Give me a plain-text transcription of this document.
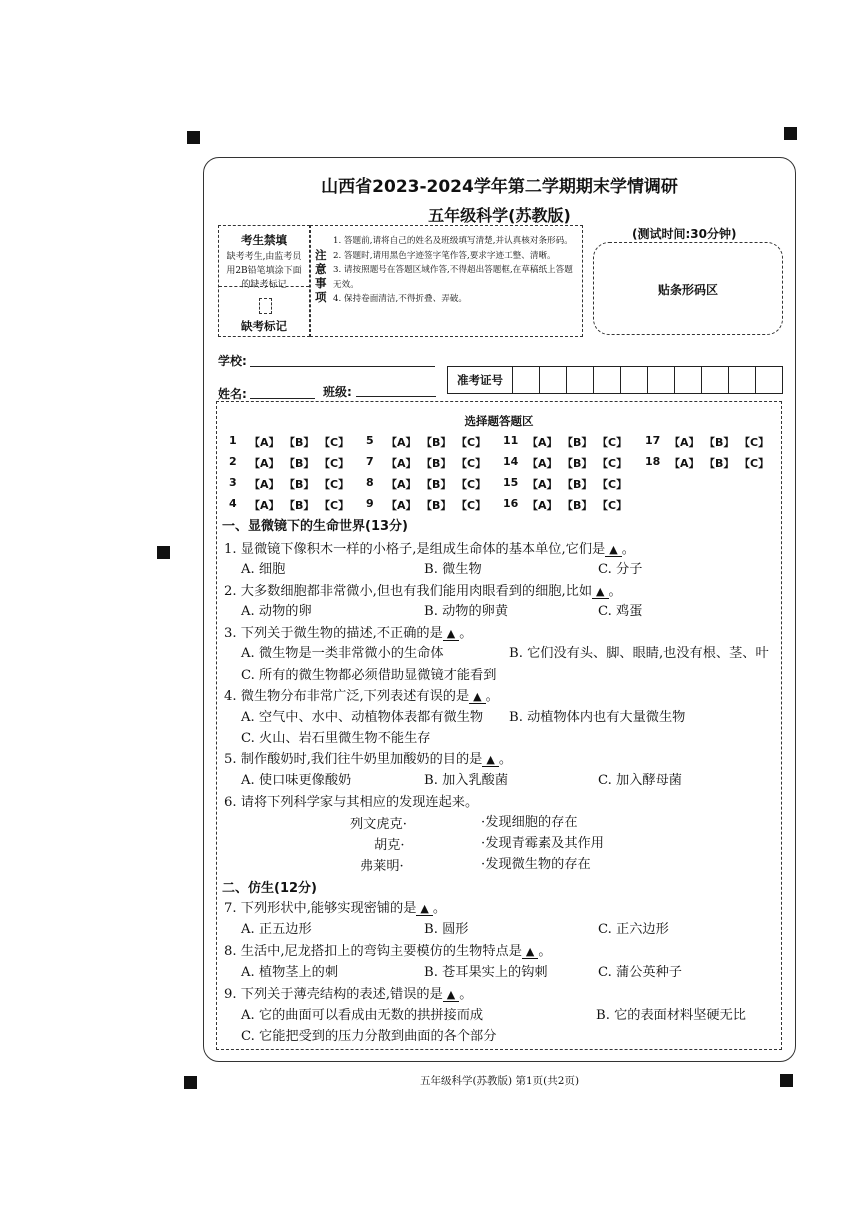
山西省2023-2024学年第二学期期末学情调研
五年级科学(苏教版)
(测试时间:30分钟)
考生禁填
缺考考生,由监考员用2B铅笔填涂下面的缺考标记
缺考标记
注意事项
1. 答题前,请将自己的姓名及班级填写清楚,并认真核对条形码。
2. 答题时,请用黑色字迹签字笔作答,要求字迹工整、清晰。
3. 请按照题号在答题区域作答,不得超出答题框,在草稿纸上答题无效。
4. 保持卷面清洁,不得折叠、弄破。
贴条形码区
学校:
姓名:	班级:
准考证号
选择题答题区
1 【A】 【B】 【C】
2 【A】 【B】 【C】
3 【A】 【B】 【C】
4 【A】 【B】 【C】
5 【A】 【B】 【C】
7 【A】 【B】 【C】
8 【A】 【B】 【C】
9 【A】 【B】 【C】
11 【A】 【B】 【C】
14 【A】 【B】 【C】
15 【A】 【B】 【C】
16 【A】 【B】 【C】
17 【A】 【B】 【C】
18 【A】 【B】 【C】
一、显微镜下的生命世界(13分)
1. 显微镜下像积木一样的小格子,是组成生命体的基本单位,它们是 ▲ 。
A. 细胞	B. 微生物	C. 分子
2. 大多数细胞都非常微小,但也有我们能用肉眼看到的细胞,比如 ▲ 。
A. 动物的卵	B. 动物的卵黄	C. 鸡蛋
3. 下列关于微生物的描述,不正确的是 ▲ 。
A. 微生物是一类非常微小的生命体	B. 它们没有头、脚、眼睛,也没有根、茎、叶
C. 所有的微生物都必须借助显微镜才能看到
4. 微生物分布非常广泛,下列表述有误的是 ▲ 。
A. 空气中、水中、动植物体表都有微生物 B. 动植物体内也有大量微生物
C. 火山、岩石里微生物不能生存
5. 制作酸奶时,我们往牛奶里加酸奶的目的是 ▲ 。
A. 使口味更像酸奶	B. 加入乳酸菌	C. 加入酵母菌
6. 请将下列科学家与其相应的发现连起来。
列文虎克·
胡克·
弗莱明·
·发现细胞的存在
·发现青霉素及其作用
·发现微生物的存在
二、仿生(12分)
7. 下列形状中,能够实现密铺的是 ▲ 。
A. 正五边形	B. 圆形	C. 正六边形
8. 生活中,尼龙搭扣上的弯钩主要模仿的生物特点是 ▲ 。
A. 植物茎上的刺	B. 苍耳果实上的钩刺	C. 蒲公英种子
9. 下列关于薄壳结构的表述,错误的是 ▲ 。
A. 它的曲面可以看成由无数的拱拼接而成	B. 它的表面材料坚硬无比
C. 它能把受到的压力分散到曲面的各个部分
五年级科学(苏教版) 第1页(共2页)
